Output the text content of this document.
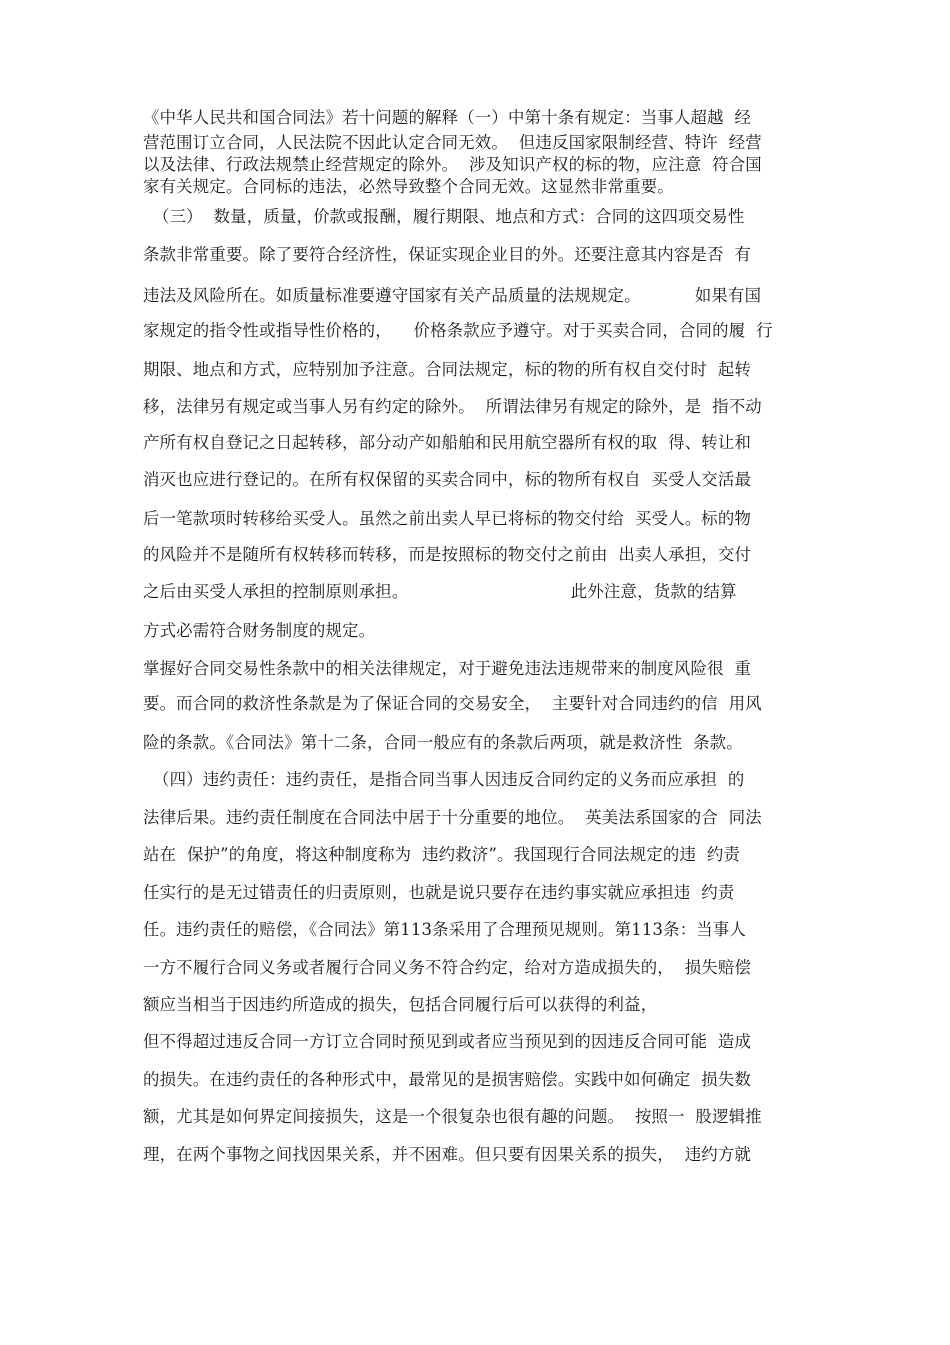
《中华人民共和国合同法》若十问题的解释（一）中第十条有规定：当事人超越  经
营范围订立合同，人民法院不因此认定合同无效。  但违反国家限制经营、特许  经营
以及法律、行政法规禁止经营规定的除外。  涉及知识产权的标的物，应注意  符合国
家有关规定。合同标的违法，必然导致整个合同无效。这显然非常重要。
（三）  数量，质量，价款或报酬，履行期限、地点和方式：合同的这四项交易性
条款非常重要。除了要符合经济性，保证实现企业目的外。还要注意其内容是否  有
违法及风险所在。如质量标准要遵守国家有关产品质量的法规规定。          如果有国
家规定的指令性或指导性价格的，    价格条款应予遵守。对于买卖合同，合同的履  行
期限、地点和方式，应特别加予注意。合同法规定，标的物的所有权自交付时  起转
移，法律另有规定或当事人另有约定的除外。  所谓法律另有规定的除外，是  指不动
产所有权自登记之日起转移，部分动产如船舶和民用航空器所有权的取  得、转让和
消灭也应进行登记的。在所有权保留的买卖合同中，标的物所有权自  买受人交活最
后一笔款项时转移给买受人。虽然之前出卖人早已将标的物交付给  买受人。标的物
的风险并不是随所有权转移而转移，而是按照标的物交付之前由  出卖人承担，交付
之后由买受人承担的控制原则承担。                              此外注意，货款的结算
方式必需符合财务制度的规定。
掌握好合同交易性条款中的相关法律规定，对于避免违法违规带来的制度风险很  重
要。而合同的救济性条款是为了保证合同的交易安全，  主要针对合同违约的信  用风
险的条款。《合同法》第十二条，合同一般应有的条款后两项，就是救济性  条款。
（四）违约责任：违约责任，是指合同当事人因违反合同约定的义务而应承担  的
法律后果。违约责任制度在合同法中居于十分重要的地位。  英美法系国家的合  同法
站在  保护”的角度，将这种制度称为  违约救济”。我国现行合同法规定的违  约责
任实行的是无过错责任的归责原则，也就是说只要存在违约事实就应承担违  约责
任。违约责任的赔偿，《合同法》第113条采用了合理预见规则。第113条：当事人
一方不履行合同义务或者履行合同义务不符合约定，给对方造成损失的，  损失赔偿
额应当相当于因违约所造成的损失，包括合同履行后可以获得的利益，
但不得超过违反合同一方订立合同时预见到或者应当预见到的因违反合同可能  造成
的损失。在违约责任的各种形式中，最常见的是损害赔偿。实践中如何确定  损失数
额，尤其是如何界定间接损失，这是一个很复杂也很有趣的问题。  按照一  股逻辑推
理，在两个事物之间找因果关系，并不困难。但只要有因果关系的损失，  违约方就
